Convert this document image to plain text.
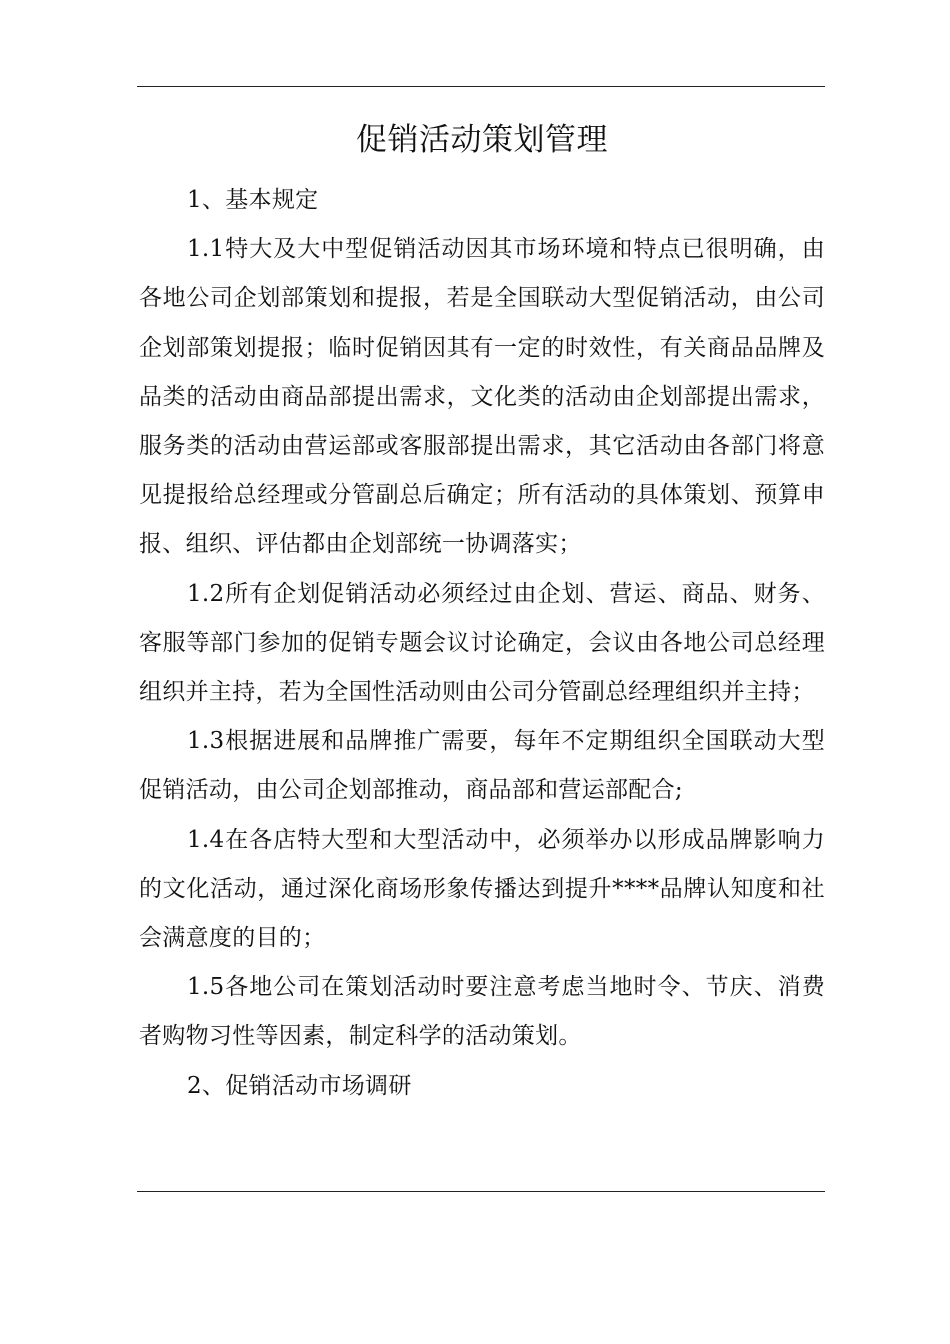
促销活动策划管理

1、基本规定

1.1特大及大中型促销活动因其市场环境和特点已很明确，由各地公司企划部策划和提报，若是全国联动大型促销活动，由公司企划部策划提报；临时促销因其有一定的时效性，有关商品品牌及品类的活动由商品部提出需求，文化类的活动由企划部提出需求，服务类的活动由营运部或客服部提出需求，其它活动由各部门将意见提报给总经理或分管副总后确定；所有活动的具体策划、预算申报、组织、评估都由企划部统一协调落实；

1.2所有企划促销活动必须经过由企划、营运、商品、财务、客服等部门参加的促销专题会议讨论确定，会议由各地公司总经理组织并主持，若为全国性活动则由公司分管副总经理组织并主持；

1.3根据进展和品牌推广需要，每年不定期组织全国联动大型促销活动，由公司企划部推动，商品部和营运部配合;

1.4在各店特大型和大型活动中，必须举办以形成品牌影响力的文化活动，通过深化商场形象传播达到提升****品牌认知度和社会满意度的目的；

1.5各地公司在策划活动时要注意考虑当地时令、节庆、消费者购物习性等因素，制定科学的活动策划。

2、促销活动市场调研
